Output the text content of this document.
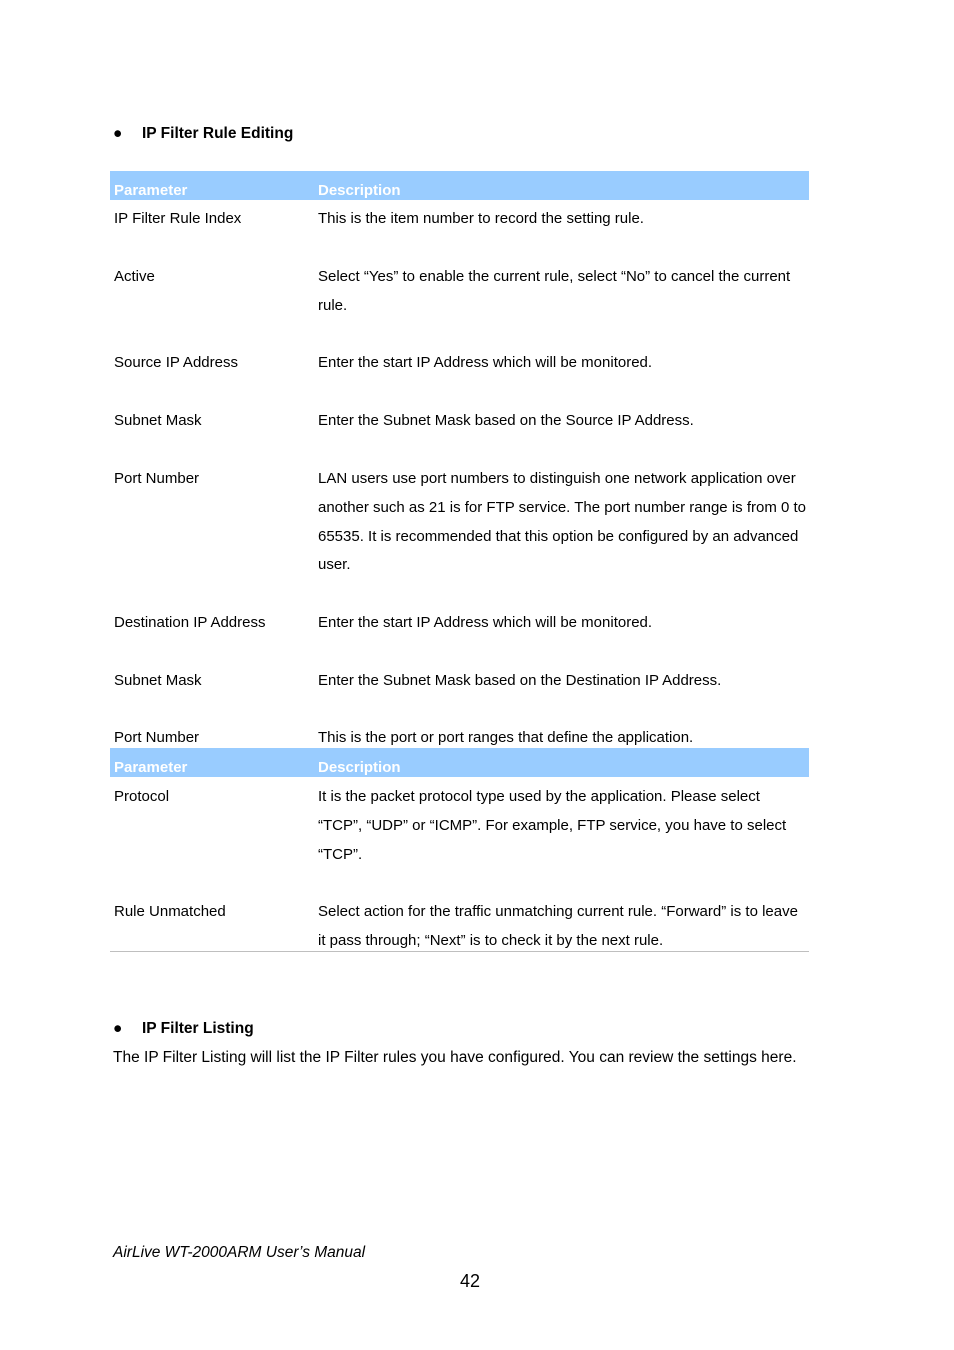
● IP Filter Rule Editing
Parameter	Description
IP Filter Rule Index	This is the item number to record the setting rule.
Active	Select “Yes” to enable the current rule, select “No” to cancel the current rule.
Source IP Address	Enter the start IP Address which will be monitored.
Subnet Mask	Enter the Subnet Mask based on the Source IP Address.
Port Number	LAN users use port numbers to distinguish one network application over another such as 21 is for FTP service. The port number range is from 0 to 65535. It is recommended that this option be configured by an advanced user.
Destination IP Address	Enter the start IP Address which will be monitored.
Subnet Mask	Enter the Subnet Mask based on the Destination IP Address.
Port Number	This is the port or port ranges that define the application.
Parameter	Description
Protocol	It is the packet protocol type used by the application. Please select “TCP”, “UDP” or “ICMP”. For example, FTP service, you have to select “TCP”.
Rule Unmatched	Select action for the traffic unmatching current rule. “Forward” is to leave it pass through; “Next” is to check it by the next rule.
● IP Filter Listing
The IP Filter Listing will list the IP Filter rules you have configured. You can review the settings here.
AirLive WT-2000ARM User’s Manual
42
